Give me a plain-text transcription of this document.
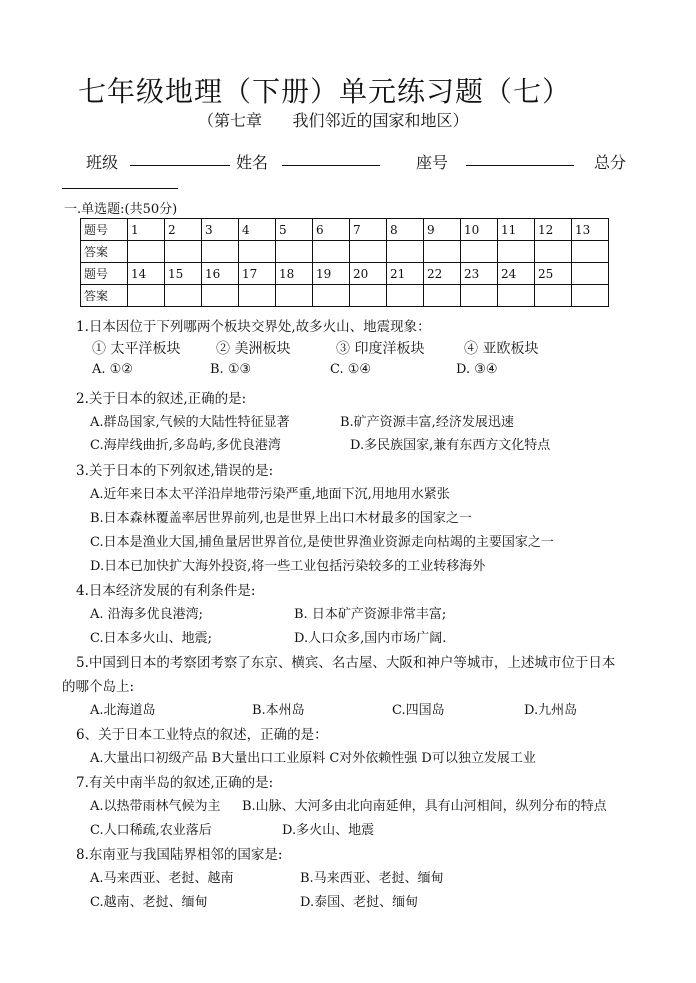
七年级地理（下册）单元练习题（七）
（第七章      我们邻近的国家和地区）
班级	姓名	座号	总分
一.单选题:(共50分)
题号	1	2	3	4	5	6	7	8	9	10	11	12	13
答案													
题号	14	15	16	17	18	19	20	21	22	23	24	25	
答案													
1.日本因位于下列哪两个板块交界处,故多火山、地震现象：
① 太平洋板块	② 美洲板块	③ 印度洋板块	④ 亚欧板块
A. ①②	B. ①③	C. ①④	D. ③④
2.关于日本的叙述,正确的是:
A.群岛国家,气候的大陆性特征显著	B.矿产资源丰富,经济发展迅速
C.海岸线曲折,多岛屿,多优良港湾	D.多民族国家,兼有东西方文化特点
3.关于日本的下列叙述,错误的是:
A.近年来日本太平洋沿岸地带污染严重,地面下沉,用地用水紧张
B.日本森林覆盖率居世界前列,也是世界上出口木材最多的国家之一
C.日本是渔业大国,捕鱼量居世界首位,是使世界渔业资源走向枯竭的主要国家之一
D.日本已加快扩大海外投资,将一些工业包括污染较多的工业转移海外
4.日本经济发展的有利条件是:
A. 沿海多优良港湾;	B. 日本矿产资源非常丰富;
C.日本多火山、地震;	D.人口众多,国内市场广阔.
5.中国到日本的考察团考察了东京、横宾、名古屋、大阪和神户等城市，上述城市位于日本
的哪个岛上:
A.北海道岛	B.本州岛	C.四国岛	D.九州岛
6、关于日本工业特点的叙述，正确的是：
A.大量出口初级产品 B大量出口工业原料 C对外依赖性强 D可以独立发展工业
7.有关中南半岛的叙述,正确的是:
A.以热带雨林气候为主 B.山脉、大河多由北向南延伸，具有山河相间，纵列分布的特点
C.人口稀疏,农业落后	D.多火山、地震
8.东南亚与我国陆界相邻的国家是:
A.马来西亚、老挝、越南	B.马来西亚、老挝、缅甸
C.越南、老挝、缅甸	D.泰国、老挝、缅甸
